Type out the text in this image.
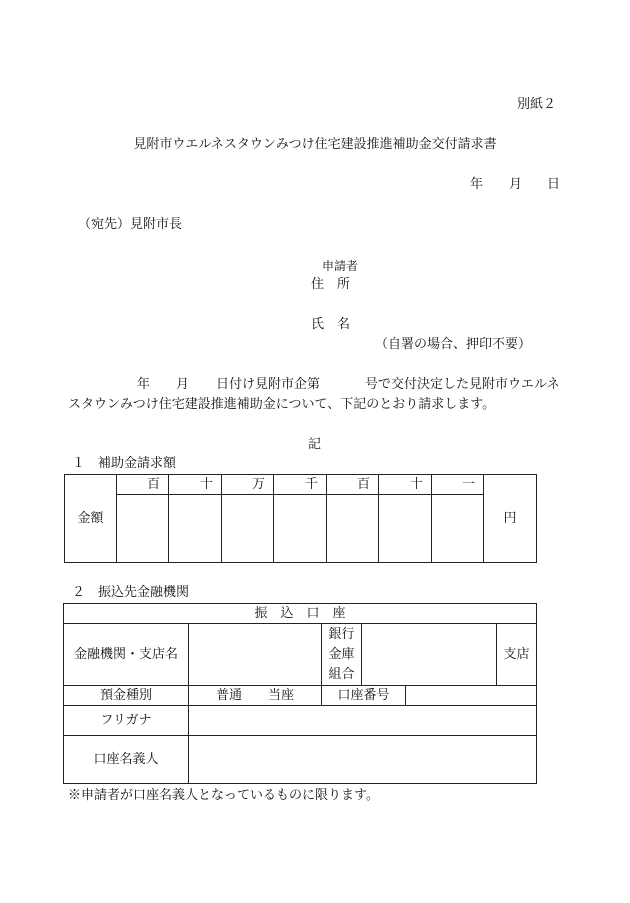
別紙２
見附市ウエルネスタウンみつけ住宅建設推進補助金交付請求書
年 月 日
（宛先）見附市長
申請者
住　所
氏　名
（自署の場合、押印不要）
年 月 日付け見附市企第	号で交付決定した見附市ウエルネ
スタウンみつけ住宅建設推進補助金について、下記のとおり請求します。
記
１　補助金請求額
金額	百	十	万	千	百	十	一	円

２　振込先金融機関
振　込　口　座					
金融機関・支店名		銀行
金庫
組合			支店
預金種別	普通　　当座	口座番号			
フリガナ					
口座名義人					
※申請者が口座名義人となっているものに限ります。
